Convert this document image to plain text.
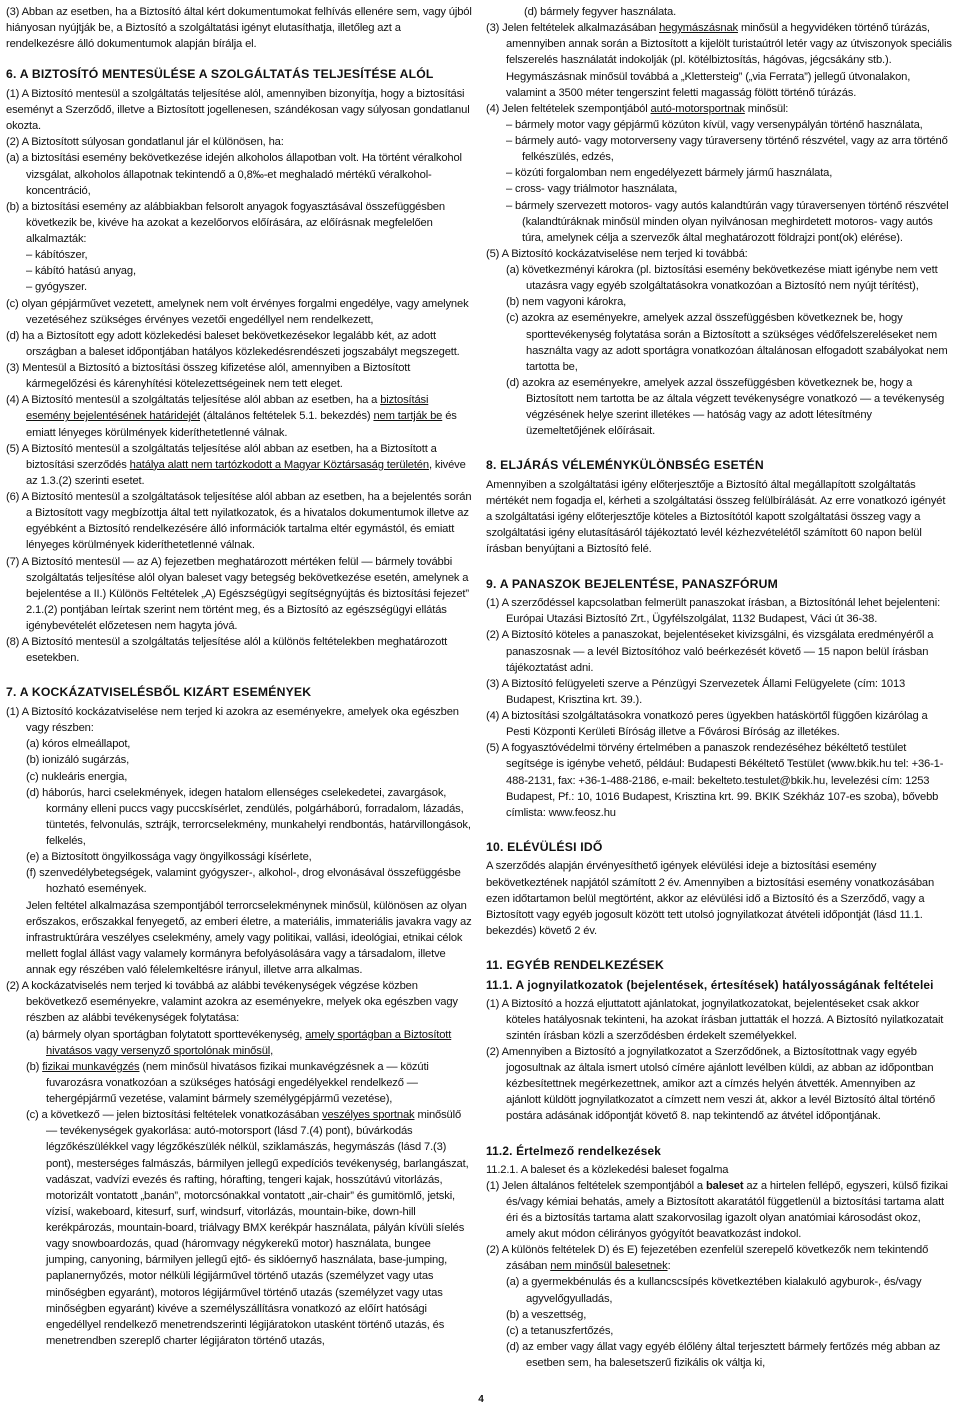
(3) Abban az esetben, ha a Biztosító által kért dokumentumokat felhívás ellenére sem, vagy újból hiányosan nyújtják be, a Biztosító a szolgáltatási igényt elutasíthatja, illetőleg azt a rendelkezésre álló dokumentumok alapján bírálja el.

6. A BIZTOSÍTÓ MENTESÜLÉSE A SZOLGÁLTATÁS TELJESÍTÉSE ALÓL

(1) A Biztosító mentesül a szolgáltatás teljesítése alól, amennyiben bizonyítja, hogy a biztosítási eseményt a Szerződő, illetve a Biztosított jogellenesen, szándékosan vagy súlyosan gondatlanul okozta.

(2) A Biztosított súlyosan gondatlanul jár el különösen, ha:

(a) a biztosítási esemény bekövetkezése idején alkoholos állapotban volt. Ha történt véralkohol vizsgálat, alkoholos állapotnak tekintendő a 0,8‰-et meghaladó mértékű véralkohol-koncentráció,

(b) a biztosítási esemény az alábbiakban felsorolt anyagok fogyasztásával összefüggésben következik be, kivéve ha azokat a kezelőorvos előírására, az előírásnak megfelelően alkalmazták:

– kábítószer,

– kábító hatású anyag,

– gyógyszer.

(c) olyan gépjárművet vezetett, amelynek nem volt érvényes forgalmi engedélye, vagy amelynek vezetéséhez szükséges érvényes vezetői engedéllyel nem rendelkezett,

(d) ha a Biztosított egy adott közlekedési baleset bekövetkezésekor legalább két, az adott országban a baleset időpontjában hatályos közlekedésrendészeti jogszabályt megszegett.

(3) Mentesül a Biztosító a biztosítási összeg kifizetése alól, amennyiben a Biztosított kármegelőzési és kárenyhítési kötelezettségeinek nem tett eleget.

(4) A Biztosító mentesül a szolgáltatás teljesítése alól abban az esetben, ha a biztosítási esemény bejelentésének határidejét (általános feltételek 5.1. bekezdés) nem tartják be és emiatt lényeges körülmények kideríthetetlenné válnak.

(5) A Biztosító mentesül a szolgáltatás teljesítése alól abban az esetben, ha a Biztosított a biztosítási szerződés hatálya alatt nem tartózkodott a Magyar Köztársaság területén, kivéve az 1.3.(2) szerinti esetet.

(6) A Biztosító mentesül a szolgáltatások teljesítése alól abban az esetben, ha a bejelentés során a Biztosított vagy megbízottja által tett nyilatkozatok, és a hivatalos dokumentumok illetve az egyébként a Biztosító rendelkezésére álló információk tartalma eltér egymástól, és emiatt lényeges körülmények kideríthetetlenné válnak.

(7) A Biztosító mentesül — az A) fejezetben meghatározott mértéken felül — bármely további szolgáltatás teljesítése alól olyan baleset vagy betegség bekövetkezése esetén, amelynek a bejelentése a II.) Különös Feltételek „A) Egészségügyi segítségnyújtás és biztosítási fejezet” 2.1.(2) pontjában leírtak szerint nem történt meg, és a Biztosító az egészségügyi ellátás igénybevételét előzetesen nem hagyta jóvá.

(8) A Biztosító mentesül a szolgáltatás teljesítése alól a különös feltételekben meghatározott esetekben.

7. A KOCKÁZATVISELÉSBŐL KIZÁRT ESEMÉNYEK

(1) A Biztosító kockázatviselése nem terjed ki azokra az eseményekre, amelyek oka egészben vagy részben:

(a) kóros elmeállapot,

(b) ionizáló sugárzás,

(c) nukleáris energia,

(d) háborús, harci cselekmények, idegen hatalom ellenséges cselekedetei, zavargások, kormány elleni puccs vagy puccskísérlet, zendülés, polgárháború, forradalom, lázadás, tüntetés, felvonulás, sztrájk, terrorcselekmény, munkahelyi rendbontás, határvillongások, felkelés,

(e) a Biztosított öngyilkossága vagy öngyilkossági kísérlete,

(f) szenvedélybetegségek, valamint gyógyszer-, alkohol-, drog elvonásával összefüggésbe hozható események.

Jelen feltétel alkalmazása szempontjából terrorcselekménynek minősül, különösen az olyan erőszakos, erőszakkal fenyegető, az emberi életre, a materiális, immateriális javakra vagy az infrastruktúrára veszélyes cselekmény, amely vagy politikai, vallási, ideológiai, etnikai célok mellett foglal állást vagy valamely kormányra befolyásolására vagy a társadalom, illetve annak egy részében való félelemkeltésre irányul, illetve arra alkalmas.

(2) A kockázatviselés nem terjed ki továbbá az alábbi tevékenységek végzése közben bekövetkező eseményekre, valamint azokra az eseményekre, melyek oka egészben vagy részben az alábbi tevékenységek folytatása:

(a) bármely olyan sportágban folytatott sporttevékenység, amely sportágban a Biztosított hivatásos vagy versenyző sportolónak minősül,

(b) fizikai munkavégzés (nem minősül hivatásos fizikai munkavégzésnek a — közúti fuvarozásra vonatkozóan a szükséges hatósági engedélyekkel rendelkező — tehergépjármű vezetése, valamint bármely személygépjármű vezetése),

(c) a következő — jelen biztosítási feltételek vonatkozásában veszélyes sportnak minősülő — tevékenységek gyakorlása: autó-motorsport (lásd 7.(4) pont), búvárkodás légzőkészülékkel vagy légzőkészülék nélkül, sziklamászás, hegymászás (lásd 7.(3) pont), mesterséges falmászás, bármilyen jellegű expedíciós tevékenység, barlangászat, vadászat, vadvízi evezés és rafting, hórafting, tengeri kajak, hosszútávú vitorlázás, motorizált vontatott „banán”, motorcsónakkal vontatott „air-chair” és gumitömlő, jetski, vízisí, wakeboard, kitesurf, surf, windsurf, vitorlázás, mountain-bike, down-hill kerékpározás, mountain-board, triálvagy BMX kerékpár használata, pályán kívüli síelés vagy snowboardozás, quad (háromvagy négykerekű motor) használata, bungee jumping, canyoning, bármilyen jellegű ejtő- és siklóernyő használata, base-jumping, paplanernyőzés, motor nélküli légijárművel történő utazás (személyzet vagy utas minőségben egyaránt), motoros légijárművel történő utazás (személyzet vagy utas minőségben egyaránt) kivéve a személyszállításra vonatkozó az előírt hatósági engedéllyel rendelkező menetrendszerinti légijáratokon utasként történő utazás, és menetrendben szereplő charter légijáraton történő utazás,

(d) bármely fegyver használata.

(3) Jelen feltételek alkalmazásában hegymászásnak minősül a hegyvidéken történő túrázás, amennyiben annak során a Biztosított a kijelölt turistaútról letér vagy az útviszonyok speciális felszerelés használatát indokolják (pl. kötélbiztosítás, hágóvas, jégcsákány stb.).

Hegymászásnak minősül továbbá a „Klettersteig” („via Ferrata”) jellegű útvonalakon, valamint a 3500 méter tengerszint feletti magasság fölött történő túrázás.

(4) Jelen feltételek szempontjából autó-motorsportnak minősül:

– bármely motor vagy gépjármű közúton kívül, vagy versenypályán történő használata,

– bármely autó- vagy motorverseny vagy túraverseny történő részvétel, vagy az arra történő felkészülés, edzés,

– közúti forgalomban nem engedélyezett bármely jármű használata,

– cross- vagy triálmotor használata,

– bármely szervezett motoros- vagy autós kalandtúrán vagy túraversenyen történő részvétel (kalandtúráknak minősül minden olyan nyilvánosan meghirdetett motoros- vagy autós túra, amelynek célja a szervezők által meghatározott földrajzi pont(ok) elérése).

(5) A Biztosító kockázatviselése nem terjed ki továbbá:

(a) következményi károkra (pl. biztosítási esemény bekövetkezése miatt igénybe nem vett utazásra vagy egyéb szolgáltatásokra vonatkozóan a Biztosító nem nyújt térítést),

(b) nem vagyoni károkra,

(c) azokra az eseményekre, amelyek azzal összefüggésben következnek be, hogy sporttevékenység folytatása során a Biztosított a szükséges védőfelszereléseket nem használta vagy az adott sportágra vonatkozóan általánosan elfogadott szabályokat nem tartotta be,

(d) azokra az eseményekre, amelyek azzal összefüggésben következnek be, hogy a Biztosított nem tartotta be az általa végzett tevékenységre vonatkozó — a tevékenység végzésének helye szerint illetékes — hatóság vagy az adott létesítmény üzemeltetőjének előírásait.

8. ELJÁRÁS VÉLEMÉNYKÜLÖNBSÉG ESETÉN

Amennyiben a szolgáltatási igény előterjesztője a Biztosító által megállapított szolgáltatás mértékét nem fogadja el, kérheti a szolgáltatási összeg felülbírálását. Az erre vonatkozó igényét a szolgáltatási igény előterjesztője köteles a Biztosítótól kapott szolgáltatási összeg vagy a szolgáltatási igény elutasításáról tájékoztató levél kézhezvételétől számított 60 napon belül írásban benyújtani a Biztosító felé.

9. A PANASZOK BEJELENTÉSE, PANASZFÓRUM

(1) A szerződéssel kapcsolatban felmerült panaszokat írásban, a Biztosítónál lehet bejelenteni: Európai Utazási Biztosító Zrt., Ügyfélszolgálat, 1132 Budapest, Váci út 36-38.

(2) A Biztosító köteles a panaszokat, bejelentéseket kivizsgálni, és vizsgálata eredményéről a panaszosnak — a levél Biztosítóhoz való beérkezését követő — 15 napon belül írásban tájékoztatást adni.

(3) A Biztosító felügyeleti szerve a Pénzügyi Szervezetek Állami Felügyelete (cím: 1013 Budapest, Krisztina krt. 39.).

(4) A biztosítási szolgáltatásokra vonatkozó peres ügyekben hatáskörtől függően kizárólag a Pesti Központi Kerületi Bíróság illetve a Fővárosi Bíróság az illetékes.

(5) A fogyasztóvédelmi törvény értelmében a panaszok rendezéséhez békéltető testület segítsége is igénybe vehető, például: Budapesti Békéltető Testület (www.bkik.hu tel: +36-1-488-2131, fax: +36-1-488-2186, e-mail: bekelteto.testulet@bkik.hu, levelezési cím: 1253 Budapest, Pf.: 10, 1016 Budapest, Krisztina krt. 99. BKIK Székház 107-es szoba), bővebb címlista: www.feosz.hu

10. ELÉVÜLÉSI IDŐ

A szerződés alapján érvényesíthető igények elévülési ideje a biztosítási esemény bekövetkeztének napjától számított 2 év. Amennyiben a biztosítási esemény vonatkozásában ezen időtartamon belül megtörtént, akkor az elévülési idő a Biztosító és a Szerződő, vagy a Biztosított vagy egyéb jogosult között tett utolsó jognyilatkozat átvételi időpontját (lásd 11.1. bekezdés) követő 2 év.

11. EGYÉB RENDELKEZÉSEK
11.1. A jognyilatkozatok (bejelentések, értesítések) hatályosságának feltételei

(1) A Biztosító a hozzá eljuttatott ajánlatokat, jognyilatkozatokat, bejelentéseket csak akkor köteles hatályosnak tekinteni, ha azokat írásban juttatták el hozzá. A Biztosító nyilatkozatait szintén írásban közli a szerződésben érdekelt személyekkel.

(2) Amennyiben a Biztosító a jognyilatkozatot a Szerződőnek, a Biztosítottnak vagy egyéb jogosultnak az általa ismert utolsó címére ajánlott levélben küldi, az abban az időpontban kézbesítettnek megérkezettnek, amikor azt a címzés helyén átvették. Amennyiben az ajánlott küldött jognyilatkozatot a címzett nem veszi át, akkor a levél Biztosító által történő postára adásának időpontját követő 8. nap tekintendő az átvétel időpontjának.

11.2. Értelmező rendelkezések

11.2.1. A baleset és a közlekedési baleset fogalma

(1) Jelen általános feltételek szempontjából a baleset az a hirtelen fellépő, egyszeri, külső fizikai és/vagy kémiai behatás, amely a Biztosított akaratától függetlenül a biztosítási tartama alatt éri és a biztosítás tartama alatt szakorvosilag igazolt olyan anatómiai károsodást okoz, amely akut módon célirányos gyógyítót beavatkozást indokol.

(2) A különös feltételek D) és E) fejezetében ezenfelül szerepelő következők nem tekintendő zásában nem minősül balesetnek:

(a) a gyermekbénulás és a kullancscsípés következtében kialakuló agyburok-, és/vagy agyvelőgyulladás,

(b) a veszettség,

(c) a tetanuszfertőzés,

(d) az ember vagy állat vagy egyéb élőlény által terjesztett bármely fertőzés még abban az esetben sem, ha balesetszerű fizikális ok váltja ki,

4
